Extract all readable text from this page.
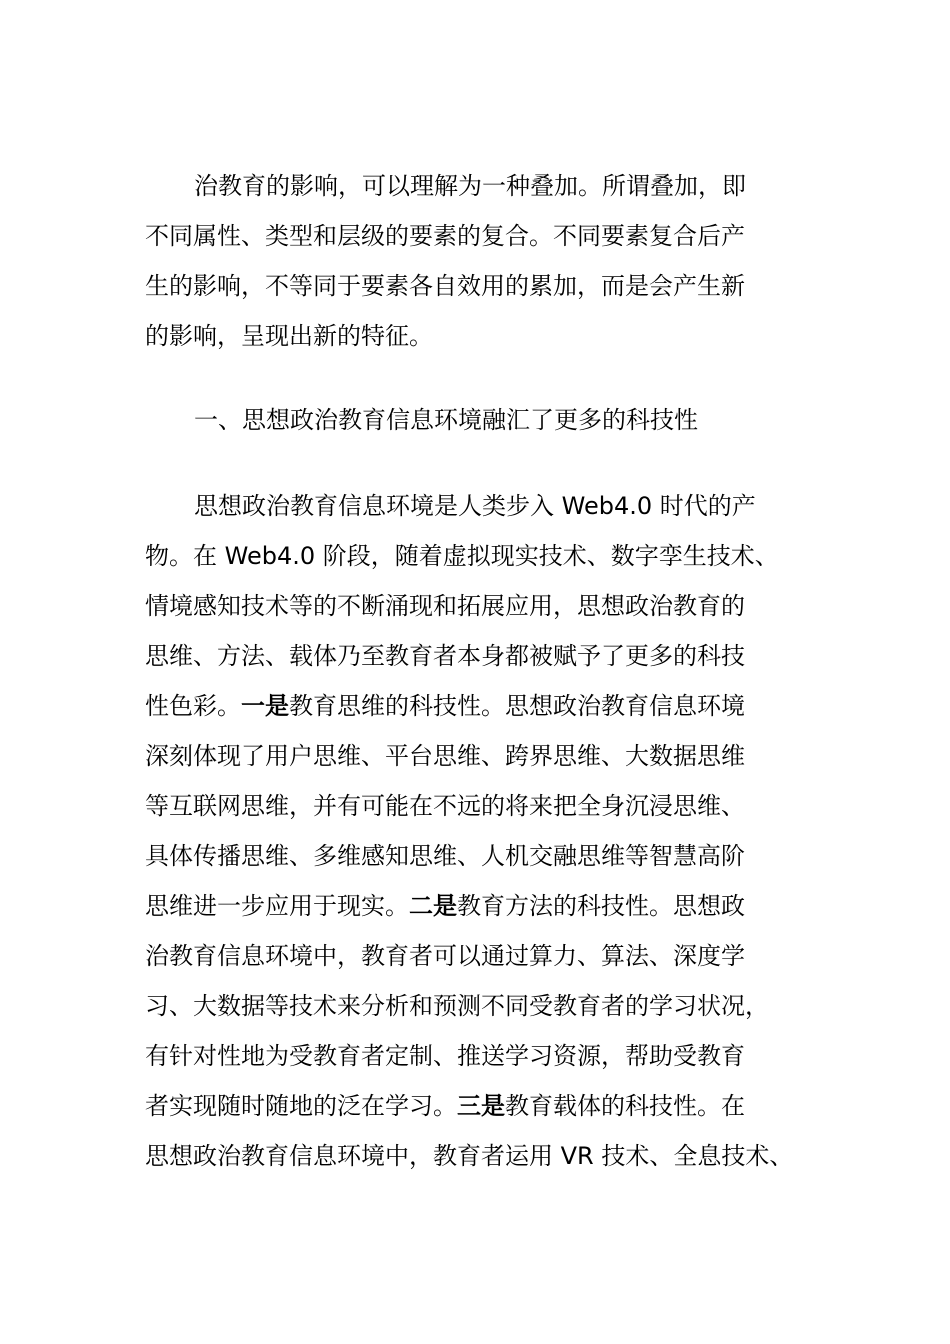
治教育的影响，可以理解为一种叠加。所谓叠加，即
不同属性、类型和层级的要素的复合。不同要素复合后产
生的影响，不等同于要素各自效用的累加，而是会产生新
的影响，呈现出新的特征。
一、思想政治教育信息环境融汇了更多的科技性
思想政治教育信息环境是人类步入 Web4.0 时代的产
物。在 Web4.0 阶段，随着虚拟现实技术、数字孪生技术、
情境感知技术等的不断涌现和拓展应用，思想政治教育的
思维、方法、载体乃至教育者本身都被赋予了更多的科技
性色彩。一是教育思维的科技性。思想政治教育信息环境
深刻体现了用户思维、平台思维、跨界思维、大数据思维
等互联网思维，并有可能在不远的将来把全身沉浸思维、
具体传播思维、多维感知思维、人机交融思维等智慧高阶
思维进一步应用于现实。二是教育方法的科技性。思想政
治教育信息环境中，教育者可以通过算力、算法、深度学
习、大数据等技术来分析和预测不同受教育者的学习状况，
有针对性地为受教育者定制、推送学习资源，帮助受教育
者实现随时随地的泛在学习。三是教育载体的科技性。在
思想政治教育信息环境中，教育者运用 VR 技术、全息技术、
